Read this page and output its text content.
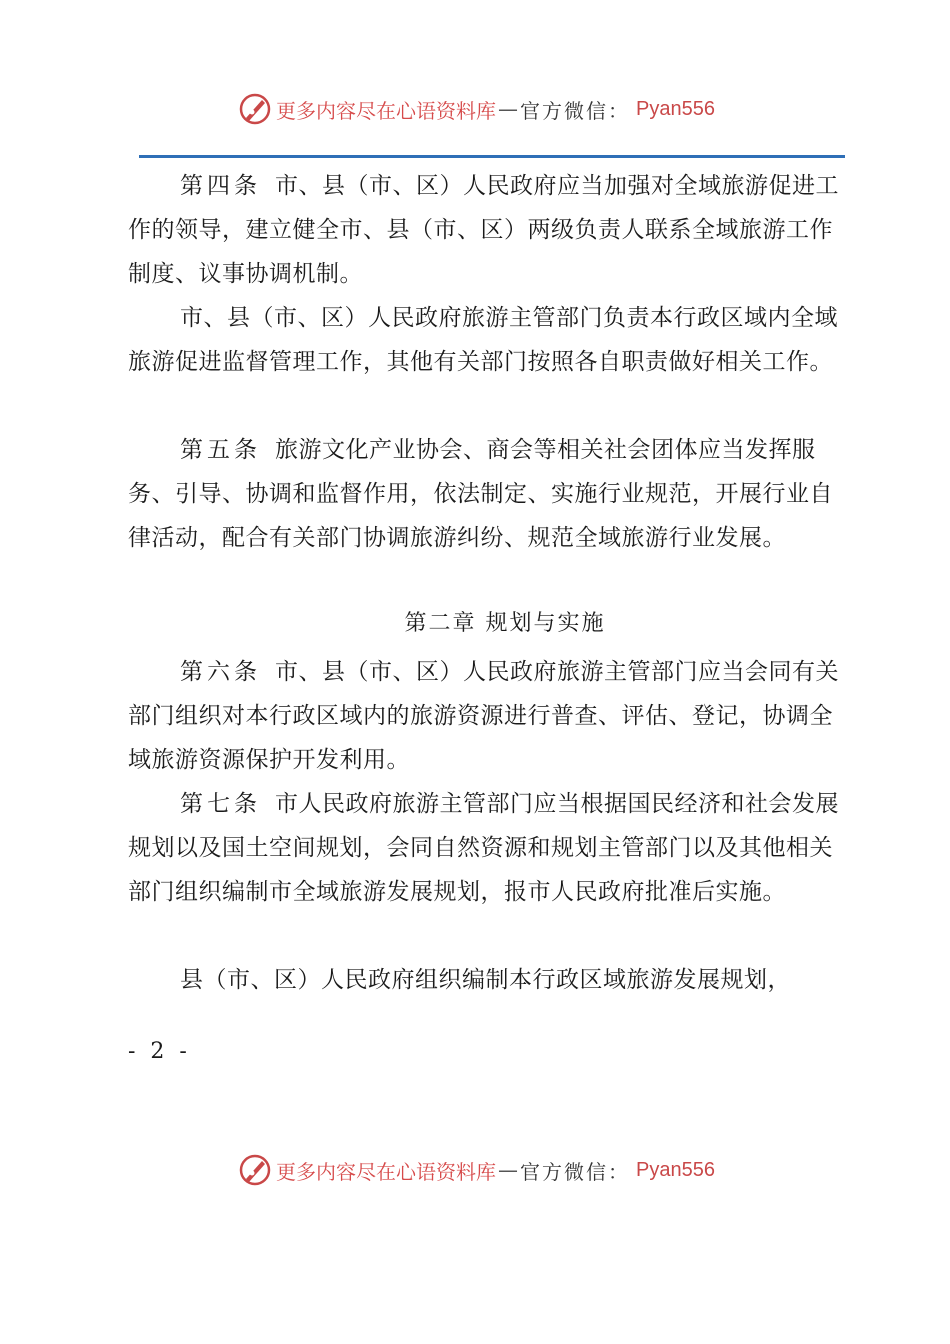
更多内容尽在心语资料库 — 官方微信： Pyan556

第四条 市、县（市、区）人民政府应当加强对全域旅游促进工作的领导，建立健全市、县（市、区）两级负责人联系全域旅游工作制度、议事协调机制。

市、县（市、区）人民政府旅游主管部门负责本行政区域内全域旅游促进监督管理工作，其他有关部门按照各自职责做好相关工作。

第五条 旅游文化产业协会、商会等相关社会团体应当发挥服务、引导、协调和监督作用，依法制定、实施行业规范，开展行业自律活动，配合有关部门协调旅游纠纷、规范全域旅游行业发展。

第二章 规划与实施

第六条 市、县（市、区）人民政府旅游主管部门应当会同有关部门组织对本行政区域内的旅游资源进行普查、评估、登记，协调全域旅游资源保护开发利用。

第七条 市人民政府旅游主管部门应当根据国民经济和社会发展规划以及国土空间规划，会同自然资源和规划主管部门以及其他相关部门组织编制市全域旅游发展规划，报市人民政府批准后实施。

县（市、区）人民政府组织编制本行政区域旅游发展规划，

- 2 -
更多内容尽在心语资料库 — 官方微信： Pyan556
